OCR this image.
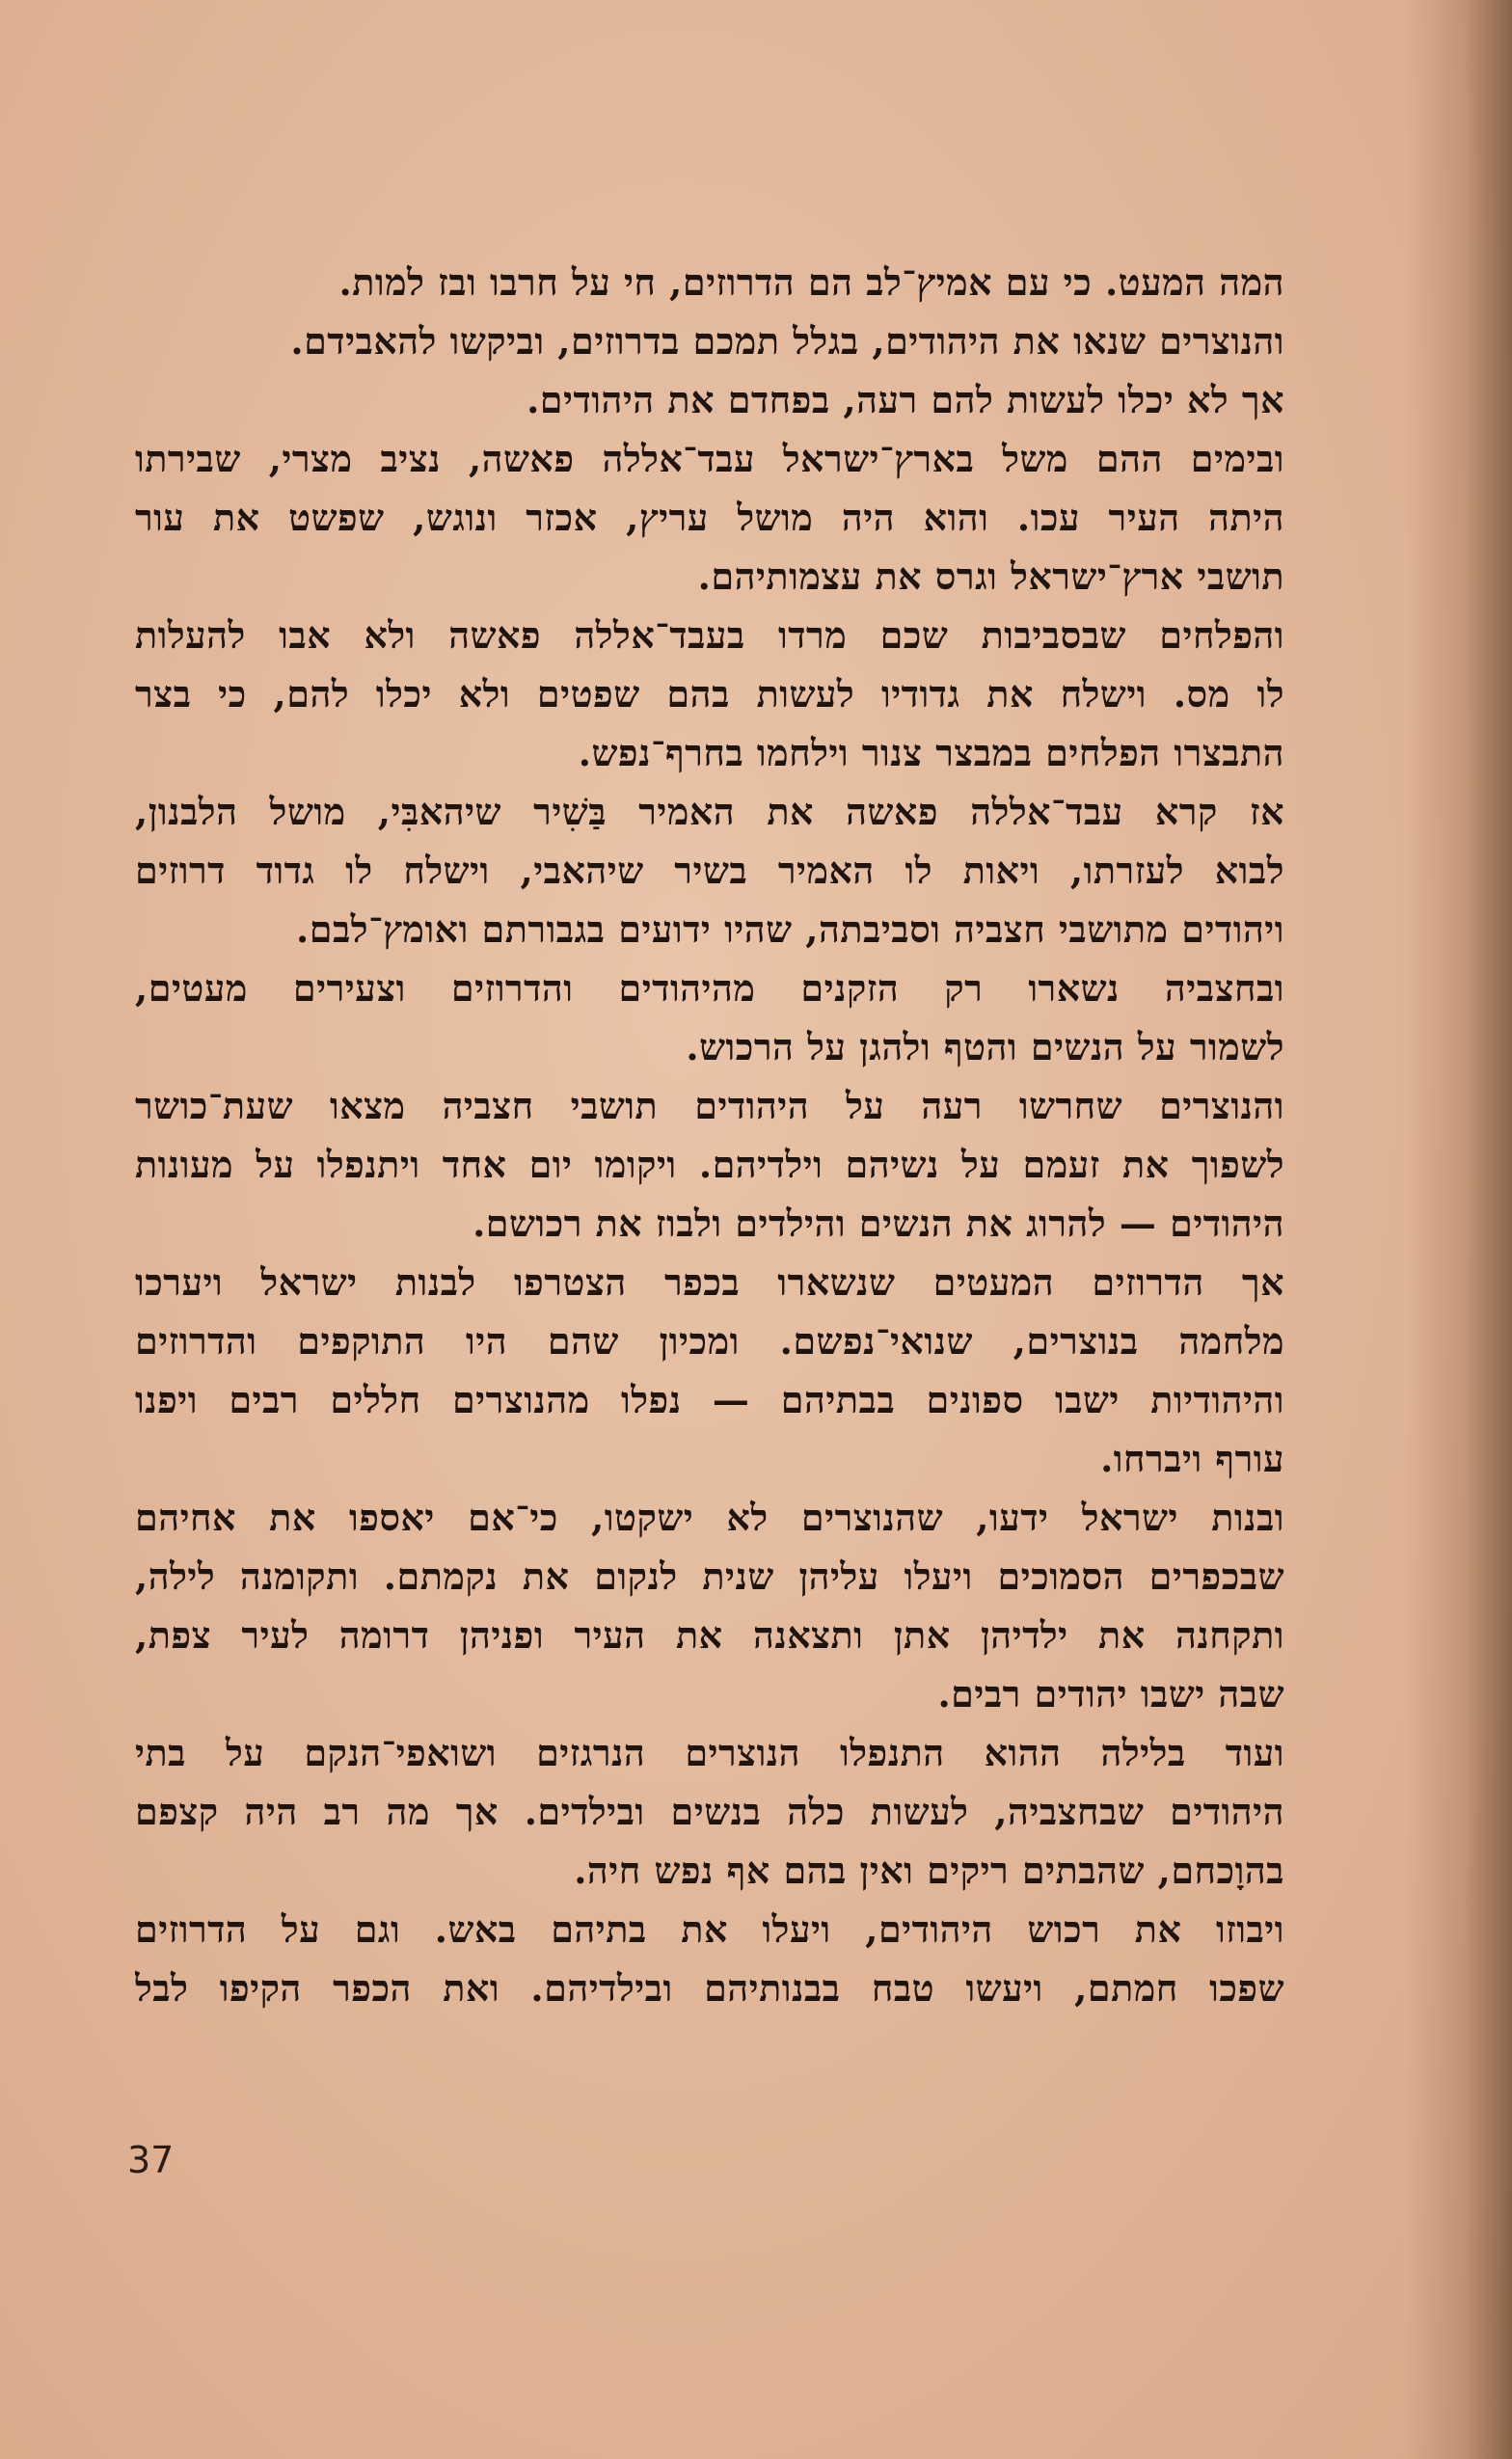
המה המעט. כי עם אמיץ־לב הם הדרוזים, חי על חרבו ובז למות.
והנוצרים שנאו את היהודים, בגלל תמכם בדרוזים, וביקשו להאבידם.
אך לא יכלו לעשות להם רעה, בפחדם את היהודים.
ובימים ההם משל בארץ־ישראל עבד־אללה פאשה, נציב מצרי, שבירתו
היתה העיר עכו. והוא היה מושל עריץ, אכזר ונוגש, שפשט את עור
תושבי ארץ־ישראל וגרס את עצמותיהם.
והפלחים שבסביבות שכם מרדו בעבד־אללה פאשה ולא אבו להעלות
לו מס. וישלח את גדודיו לעשות בהם שפטים ולא יכלו להם, כי בצר
התבצרו הפלחים במבצר צנור וילחמו בחרף־נפש.
אז קרא עבד־אללה פאשה את האמיר בַּשִׁיר שיהאבִּי, מושל הלבנון,
לבוא לעזרתו, ויאות לו האמיר בשיר שיהאבי, וישלח לו גדוד דרוזים
ויהודים מתושבי חצביה וסביבתה, שהיו ידועים בגבורתם ואומץ־לבם.
ובחצביה נשארו רק הזקנים מהיהודים והדרוזים וצעירים מעטים,
לשמור על הנשים והטף ולהגן על הרכוש.
והנוצרים שחרשו רעה על היהודים תושבי חצביה מצאו שעת־כושר
לשפוך את זעמם על נשיהם וילדיהם. ויקומו יום אחד ויתנפלו על מעונות
היהודים — להרוג את הנשים והילדים ולבוז את רכושם.
אך הדרוזים המעטים שנשארו בכפר הצטרפו לבנות ישראל ויערכו
מלחמה בנוצרים, שנואי־נפשם. ומכיון שהם היו התוקפים והדרוזים
והיהודיות ישבו ספונים בבתיהם — נפלו מהנוצרים חללים רבים ויפנו
עורף ויברחו.
ובנות ישראל ידעו, שהנוצרים לא ישקטו, כי־אם יאספו את אחיהם
שבכפרים הסמוכים ויעלו עליהן שנית לנקום את נקמתם. ותקומנה לילה,
ותקחנה את ילדיהן אתן ותצאנה את העיר ופניהן דרומה לעיר צפת,
שבה ישבו יהודים רבים.
ועוד בלילה ההוא התנפלו הנוצרים הנרגזים ושואפי־הנקם על בתי
היהודים שבחצביה, לעשות כלה בנשים ובילדים. אך מה רב היה קצפם
בהוָכחם, שהבתים ריקים ואין בהם אף נפש חיה.
ויבוזו את רכוש היהודים, ויעלו את בתיהם באש. וגם על הדרוזים
שפכו חמתם, ויעשו טבח בבנותיהם ובילדיהם. ואת הכפר הקיפו לבל
37
